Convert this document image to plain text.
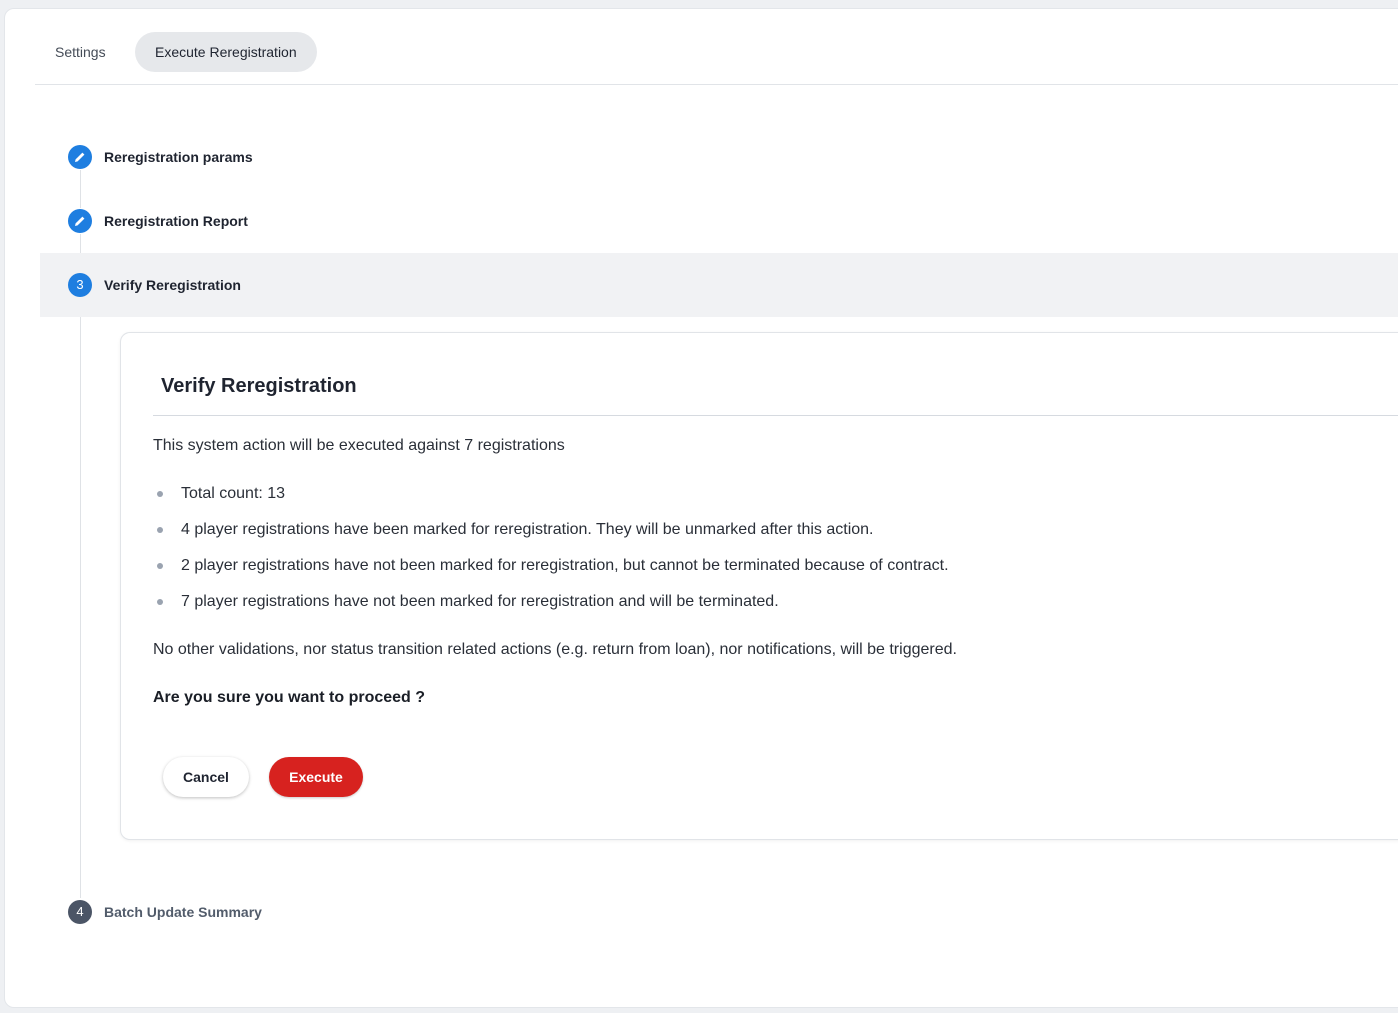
Settings	Execute Reregistration
Reregistration params
Reregistration Report
3	Verify Reregistration
Verify Reregistration
This system action will be executed against 7 registrations
Total count: 13
4 player registrations have been marked for reregistration. They will be unmarked after this action.
2 player registrations have not been marked for reregistration, but cannot be terminated because of contract.
7 player registrations have not been marked for reregistration and will be terminated.
No other validations, nor status transition related actions (e.g. return from loan), nor notifications, will be triggered.
Are you sure you want to proceed ?
Cancel	Execute
4	Batch Update Summary
